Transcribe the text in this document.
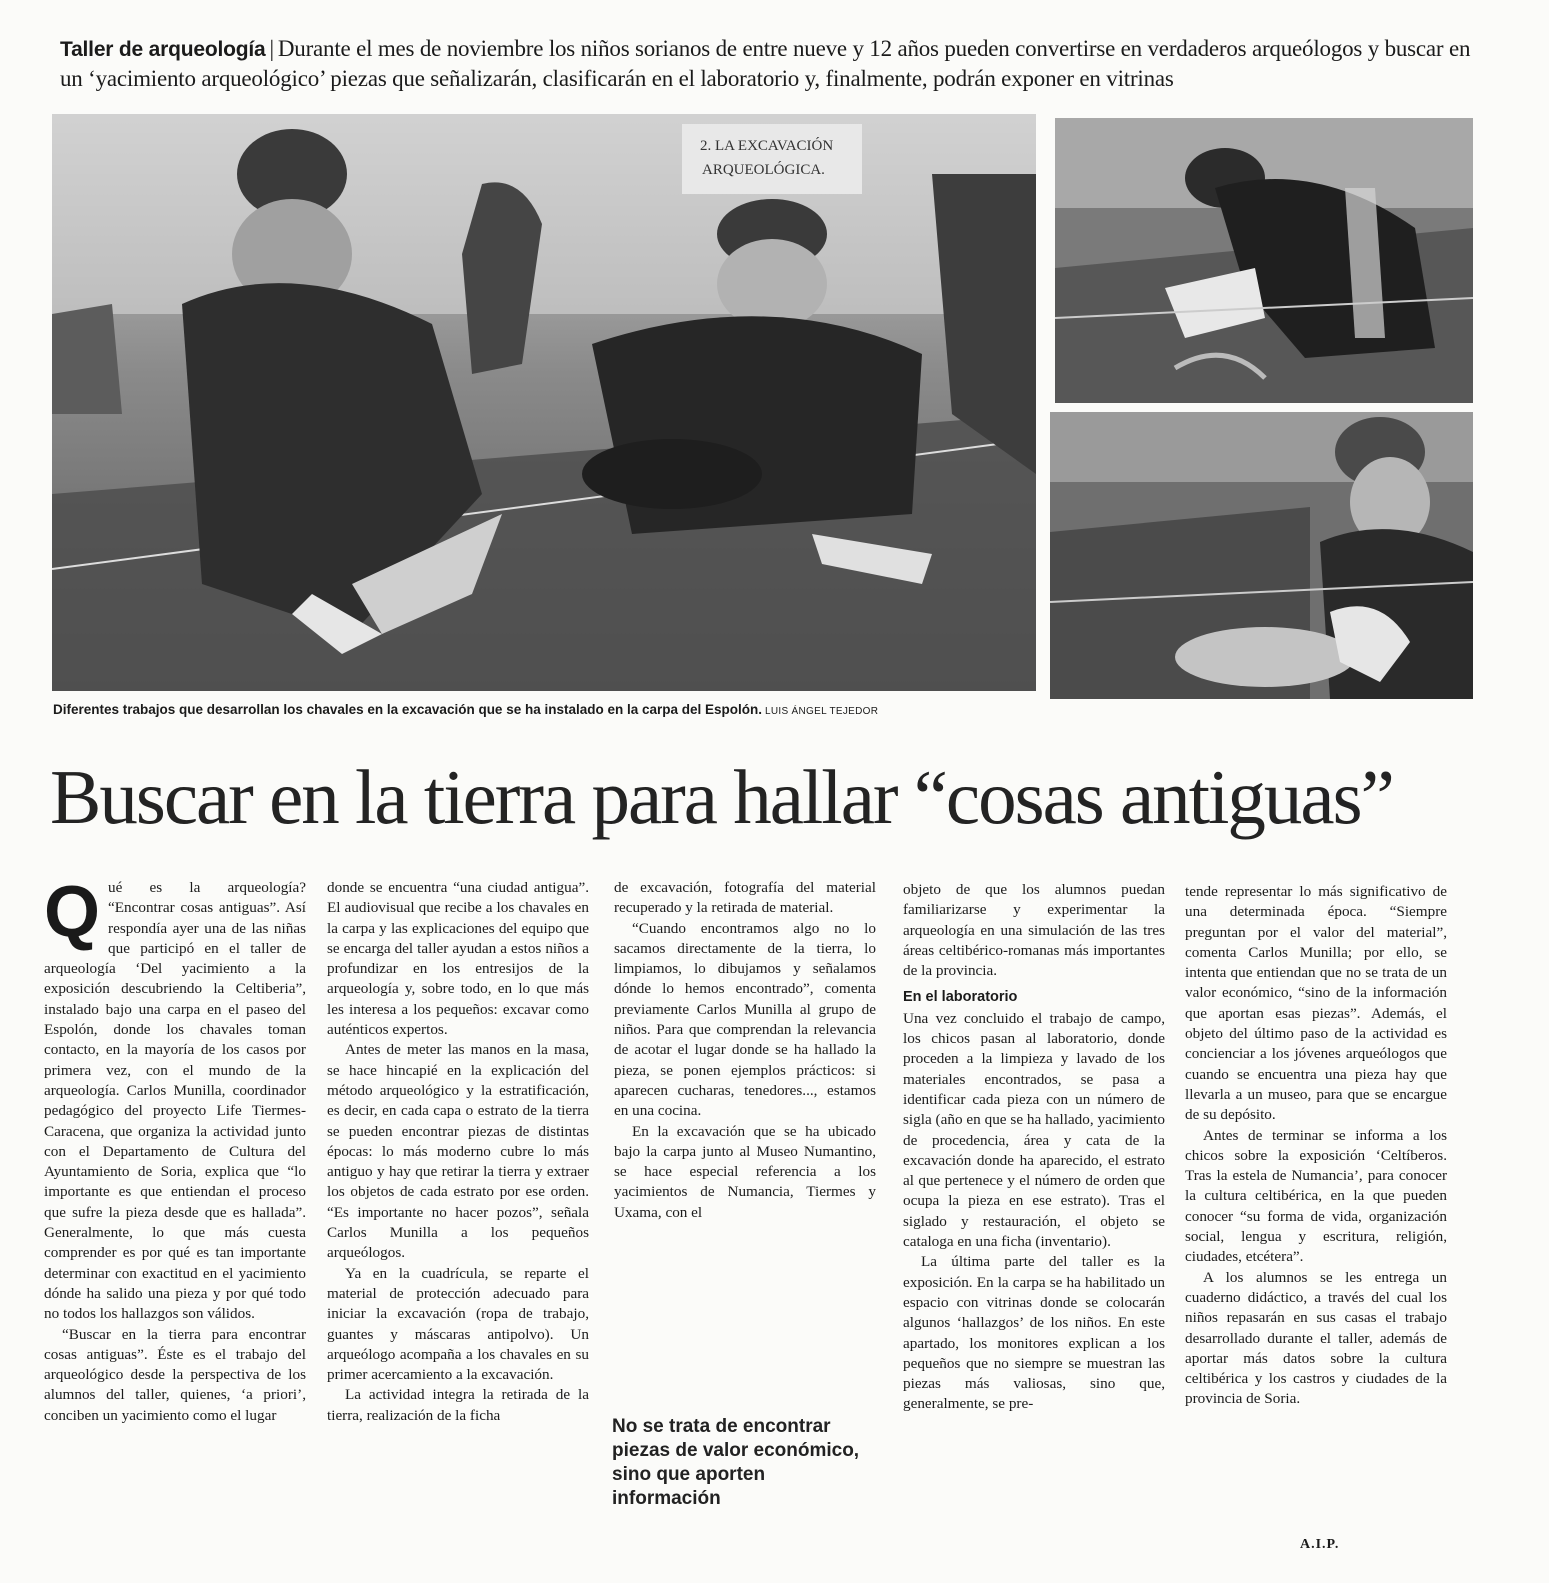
Taller de arqueología | Durante el mes de noviembre los niños sorianos de entre nueve y 12 años pueden convertirse en verdaderos arqueólogos y buscar en un ‘yacimiento arqueológico’ piezas que señalizarán, clasificarán en el laboratorio y, finalmente, podrán exponer en vitrinas
2. LA EXCAVACIÓN
ARQUEOLÓGICA.
Diferentes trabajos que desarrollan los chavales en la excavación que se ha instalado en la carpa del Espolón. LUIS ÁNGEL TEJEDOR
Buscar en la tierra para hallar “cosas antiguas”
Q ué es la arqueología? “Encontrar cosas antiguas”. Así respondía ayer una de las niñas que participó en el taller de arqueología ‘Del yacimiento a la exposición descubriendo la Celtiberia”, instalado bajo una carpa en el paseo del Espolón, donde los chavales toman contacto, en la mayoría de los casos por primera vez, con el mundo de la arqueología. Carlos Munilla, coordinador pedagógico del proyecto Life Tiermes-Caracena, que organiza la actividad junto con el Departamento de Cultura del Ayuntamiento de Soria, explica que “lo importante es que entiendan el proceso que sufre la pieza desde que es hallada”. Generalmente, lo que más cuesta comprender es por qué es tan importante determinar con exactitud en el yacimiento dónde ha salido una pieza y por qué todo no todos los hallazgos son válidos.

“Buscar en la tierra para encontrar cosas antiguas”. Éste es el trabajo del arqueológico desde la perspectiva de los alumnos del taller, quienes, ‘a priori’, conciben un yacimiento como el lugar

donde se encuentra “una ciudad antigua”. El audiovisual que recibe a los chavales en la carpa y las explicaciones del equipo que se encarga del taller ayudan a estos niños a profundizar en los entresijos de la arqueología y, sobre todo, en lo que más les interesa a los pequeños: excavar como auténticos expertos.

Antes de meter las manos en la masa, se hace hincapié en la explicación del método arqueológico y la estratificación, es decir, en cada capa o estrato de la tierra se pueden encontrar piezas de distintas épocas: lo más moderno cubre lo más antiguo y hay que retirar la tierra y extraer los objetos de cada estrato por ese orden. “Es importante no hacer pozos”, señala Carlos Munilla a los pequeños arqueólogos.

Ya en la cuadrícula, se reparte el material de protección adecuado para iniciar la excavación (ropa de trabajo, guantes y máscaras antipolvo). Un arqueólogo acompaña a los chavales en su primer acercamiento a la excavación.

La actividad integra la retirada de la tierra, realización de la ficha

de excavación, fotografía del material recuperado y la retirada de material.

“Cuando encontramos algo no lo sacamos directamente de la tierra, lo limpiamos, lo dibujamos y señalamos dónde lo hemos encontrado”, comenta previamente Carlos Munilla al grupo de niños. Para que comprendan la relevancia de acotar el lugar donde se ha hallado la pieza, se ponen ejemplos prácticos: si aparecen cucharas, tenedores..., estamos en una cocina.

En la excavación que se ha ubicado bajo la carpa junto al Museo Numantino, se hace especial referencia a los yacimientos de Numancia, Tiermes y Uxama, con el

No se trata de encontrar piezas de valor económico, sino que aporten información

objeto de que los alumnos puedan familiarizarse y experimentar la arqueología en una simulación de las tres áreas celtibérico-romanas más importantes de la provincia.

En el laboratorio

Una vez concluido el trabajo de campo, los chicos pasan al laboratorio, donde proceden a la limpieza y lavado de los materiales encontrados, se pasa a identificar cada pieza con un número de sigla (año en que se ha hallado, yacimiento de procedencia, área y cata de la excavación donde ha aparecido, el estrato al que pertenece y el número de orden que ocupa la pieza en ese estrato). Tras el siglado y restauración, el objeto se cataloga en una ficha (inventario).

La última parte del taller es la exposición. En la carpa se ha habilitado un espacio con vitrinas donde se colocarán algunos ‘hallazgos’ de los niños. En este apartado, los monitores explican a los pequeños que no siempre se muestran las piezas más valiosas, sino que, generalmente, se pre-

tende representar lo más significativo de una determinada época. “Siempre preguntan por el valor del material”, comenta Carlos Munilla; por ello, se intenta que entiendan que no se trata de un valor económico, “sino de la información que aportan esas piezas”. Además, el objeto del último paso de la actividad es concienciar a los jóvenes arqueólogos que cuando se encuentra una pieza hay que llevarla a un museo, para que se encargue de su depósito.

Antes de terminar se informa a los chicos sobre la exposición ‘Celtíberos. Tras la estela de Numancia’, para conocer la cultura celtibérica, en la que pueden conocer “su forma de vida, organización social, lengua y escritura, religión, ciudades, etcétera”.

A los alumnos se les entrega un cuaderno didáctico, a través del cual los niños repasarán en sus casas el trabajo desarrollado durante el taller, además de aportar más datos sobre la cultura celtibérica y los castros y ciudades de la provincia de Soria.

A.I.P.
